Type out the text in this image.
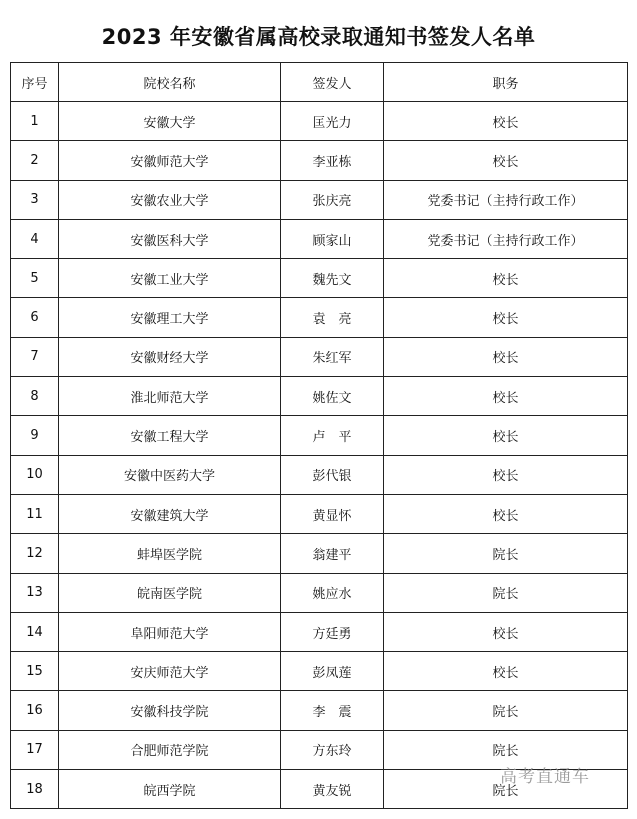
2023 年安徽省属高校录取通知书签发人名单
序号	院校名称	签发人	职务
1	安徽大学	匡光力	校长
2	安徽师范大学	李亚栋	校长
3	安徽农业大学	张庆亮	党委书记（主持行政工作）
4	安徽医科大学	顾家山	党委书记（主持行政工作）
5	安徽工业大学	魏先文	校长
6	安徽理工大学	袁　亮	校长
7	安徽财经大学	朱红军	校长
8	淮北师范大学	姚佐文	校长
9	安徽工程大学	卢　平	校长
10	安徽中医药大学	彭代银	校长
11	安徽建筑大学	黄显怀	校长
12	蚌埠医学院	翁建平	院长
13	皖南医学院	姚应水	院长
14	阜阳师范大学	方廷勇	校长
15	安庆师范大学	彭凤莲	校长
16	安徽科技学院	李　震	院长
17	合肥师范学院	方东玲	院长
18	皖西学院	黄友锐	院长
高考直通车
